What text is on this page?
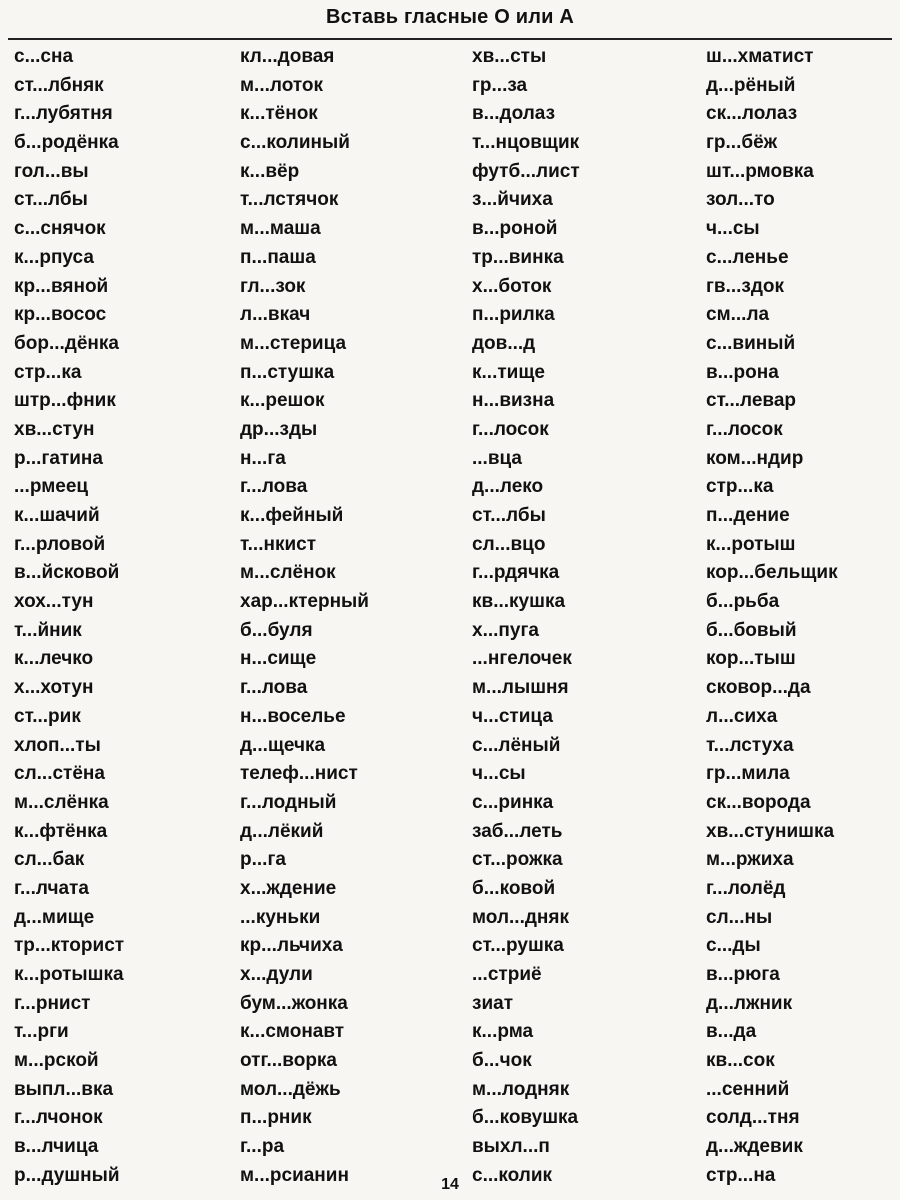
Вставь гласные О или А
с...сна
ст...лбняк
г...лубятня
б...родёнка
гол...вы
ст...лбы
с...снячок
к...рпуса
кр...вяной
кр...восос
бор...дёнка
стр...ка
штр...фник
хв...стун
р...гатина
...рмеец
к...шачий
г...рловой
в...йсковой
хох...тун
т...йник
к...лечко
х...хотун
ст...рик
хлоп...ты
сл...стёна
м...слёнка
к...фтёнка
сл...бак
г...лчата
д...мище
тр...кторист
к...ротышка
г...рнист
т...рги
м...рской
выпл...вка
г...лчонок
в...лчица
р...душный
кл...довая
м...лоток
к...тёнок
с...колиный
к...вёр
т...лстячок
м...маша
п...паша
гл...зок
л...вкач
м...стерица
п...стушка
к...решок
др...зды
н...га
г...лова
к...фейный
т...нкист
м...слёнок
хар...ктерный
б...буля
н...сище
г...лова
н...воселье
д...щечка
телеф...нист
г...лодный
д...лёкий
р...га
х...ждение
...куньки
кр...льчиха
х...дули
бум...жонка
к...смонавт
отг...ворка
мол...дёжь
п...рник
г...ра
м...рсианин
хв...сты
гр...за
в...долаз
т...нцовщик
футб...лист
з...йчиха
в...роной
тр...винка
х...боток
п...рилка
дов...д
к...тище
н...визна
г...лосок
...вца
д...леко
ст...лбы
сл...вцо
г...рдячка
кв...кушка
х...пуга
...нгелочек
м...лышня
ч...стица
с...лёный
ч...сы
с...ринка
заб...леть
ст...рожка
б...ковой
мол...дняк
ст...рушка
...стриё
зиат
к...рма
б...чок
м...лодняк
б...ковушка
выхл...п
с...колик
ш...хматист
д...рёный
ск...лолаз
гр...бёж
шт...рмовка
зол...то
ч...сы
с...ленье
гв...здок
см...ла
с...виный
в...рона
ст...левар
г...лосок
ком...ндир
стр...ка
п...дение
к...ротыш
кор...бельщик
б...рьба
б...бовый
кор...тыш
сковор...да
л...сиха
т...лстуха
гр...мила
ск...ворода
хв...стунишка
м...ржиха
г...лолёд
сл...ны
с...ды
в...рюга
д...лжник
в...да
кв...сок
...сенний
солд...тня
д...ждевик
стр...на
14
